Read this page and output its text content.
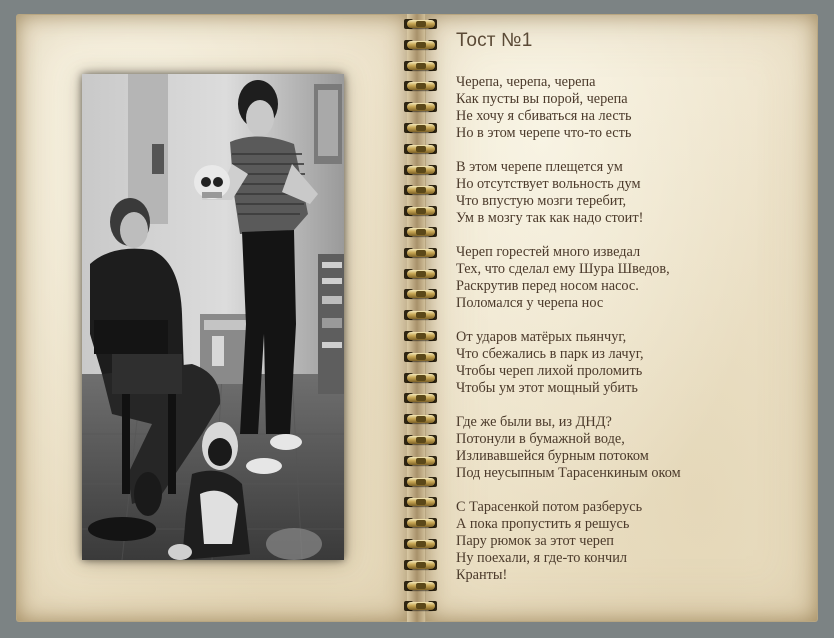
Тост №1
Черепа, черепа, черепа
Как пусты вы порой, черепа
Не хочу я сбиваться на лесть
Но в этом черепе что-то есть
В этом черепе плещется ум
Но отсутствует вольность дум
Что впустую мозги теребит,
Ум в мозгу так как надо стоит!
Череп горестей много изведал
Тех, что сделал ему Шура Шведов,
Раскрутив перед носом насос.
Поломался у черепа нос
От ударов матёрых пьянчуг,
Что сбежались в парк из лачуг,
Чтобы череп лихой проломить
Чтобы ум этот мощный убить
Где же были вы, из ДНД?
Потонули в бумажной воде,
Изливавшейся бурным потоком
Под неусыпным Тарасенкиным оком
С Тарасенкой потом разберусь
А пока пропустить я решусь
Пару рюмок за этот череп
Ну поехали, я где-то кончил
Кранты!
